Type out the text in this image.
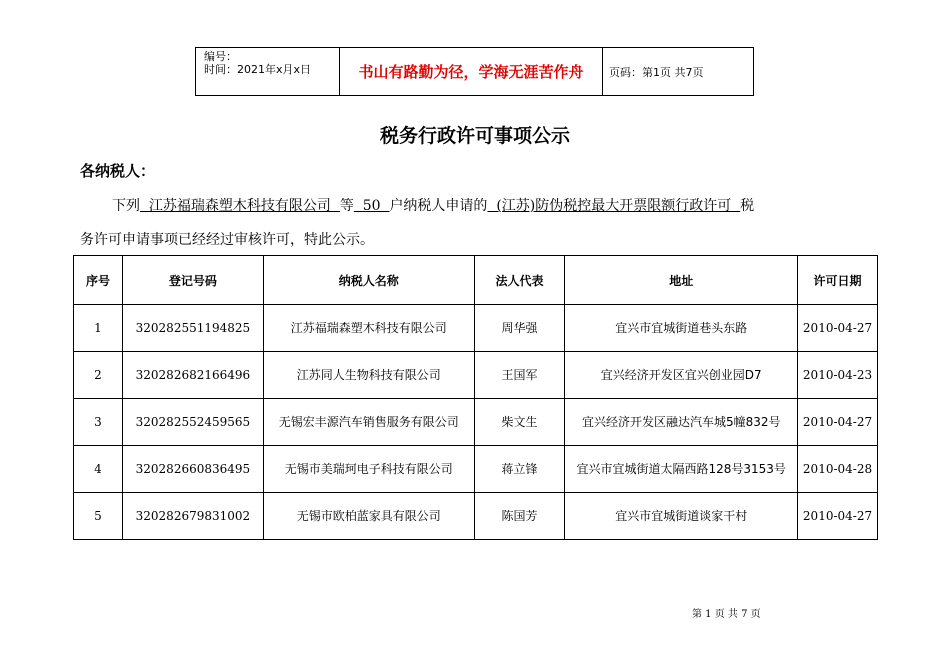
编号：
时间：2021年x月x日	书山有路勤为径，学海无涯苦作舟	页码：第1页 共7页
税务行政许可事项公示
各纳税人：
下列  江苏福瑞森塑木科技有限公司  等  50  户纳税人申请的  (江苏)防伪税控最大开票限额行政许可  税
务许可申请事项已经经过审核许可，特此公示。
序号	登记号码	纳税人名称	法人代表	地址	许可日期
1	320282551194825	江苏福瑞森塑木科技有限公司	周华强	宜兴市宜城街道巷头东路	2010-04-27
2	320282682166496	江苏同人生物科技有限公司	王国军	宜兴经济开发区宜兴创业园D7	2010-04-23
3	320282552459565	无锡宏丰源汽车销售服务有限公司	柴文生	宜兴经济开发区融达汽车城5幢832号	2010-04-27
4	320282660836495	无锡市美瑞珂电子科技有限公司	蒋立锋	宜兴市宜城街道太隔西路128号3153号	2010-04-28
5	320282679831002	无锡市欧柏蓝家具有限公司	陈国芳	宜兴市宜城街道谈家干村	2010-04-27
第 1 页 共 7 页
